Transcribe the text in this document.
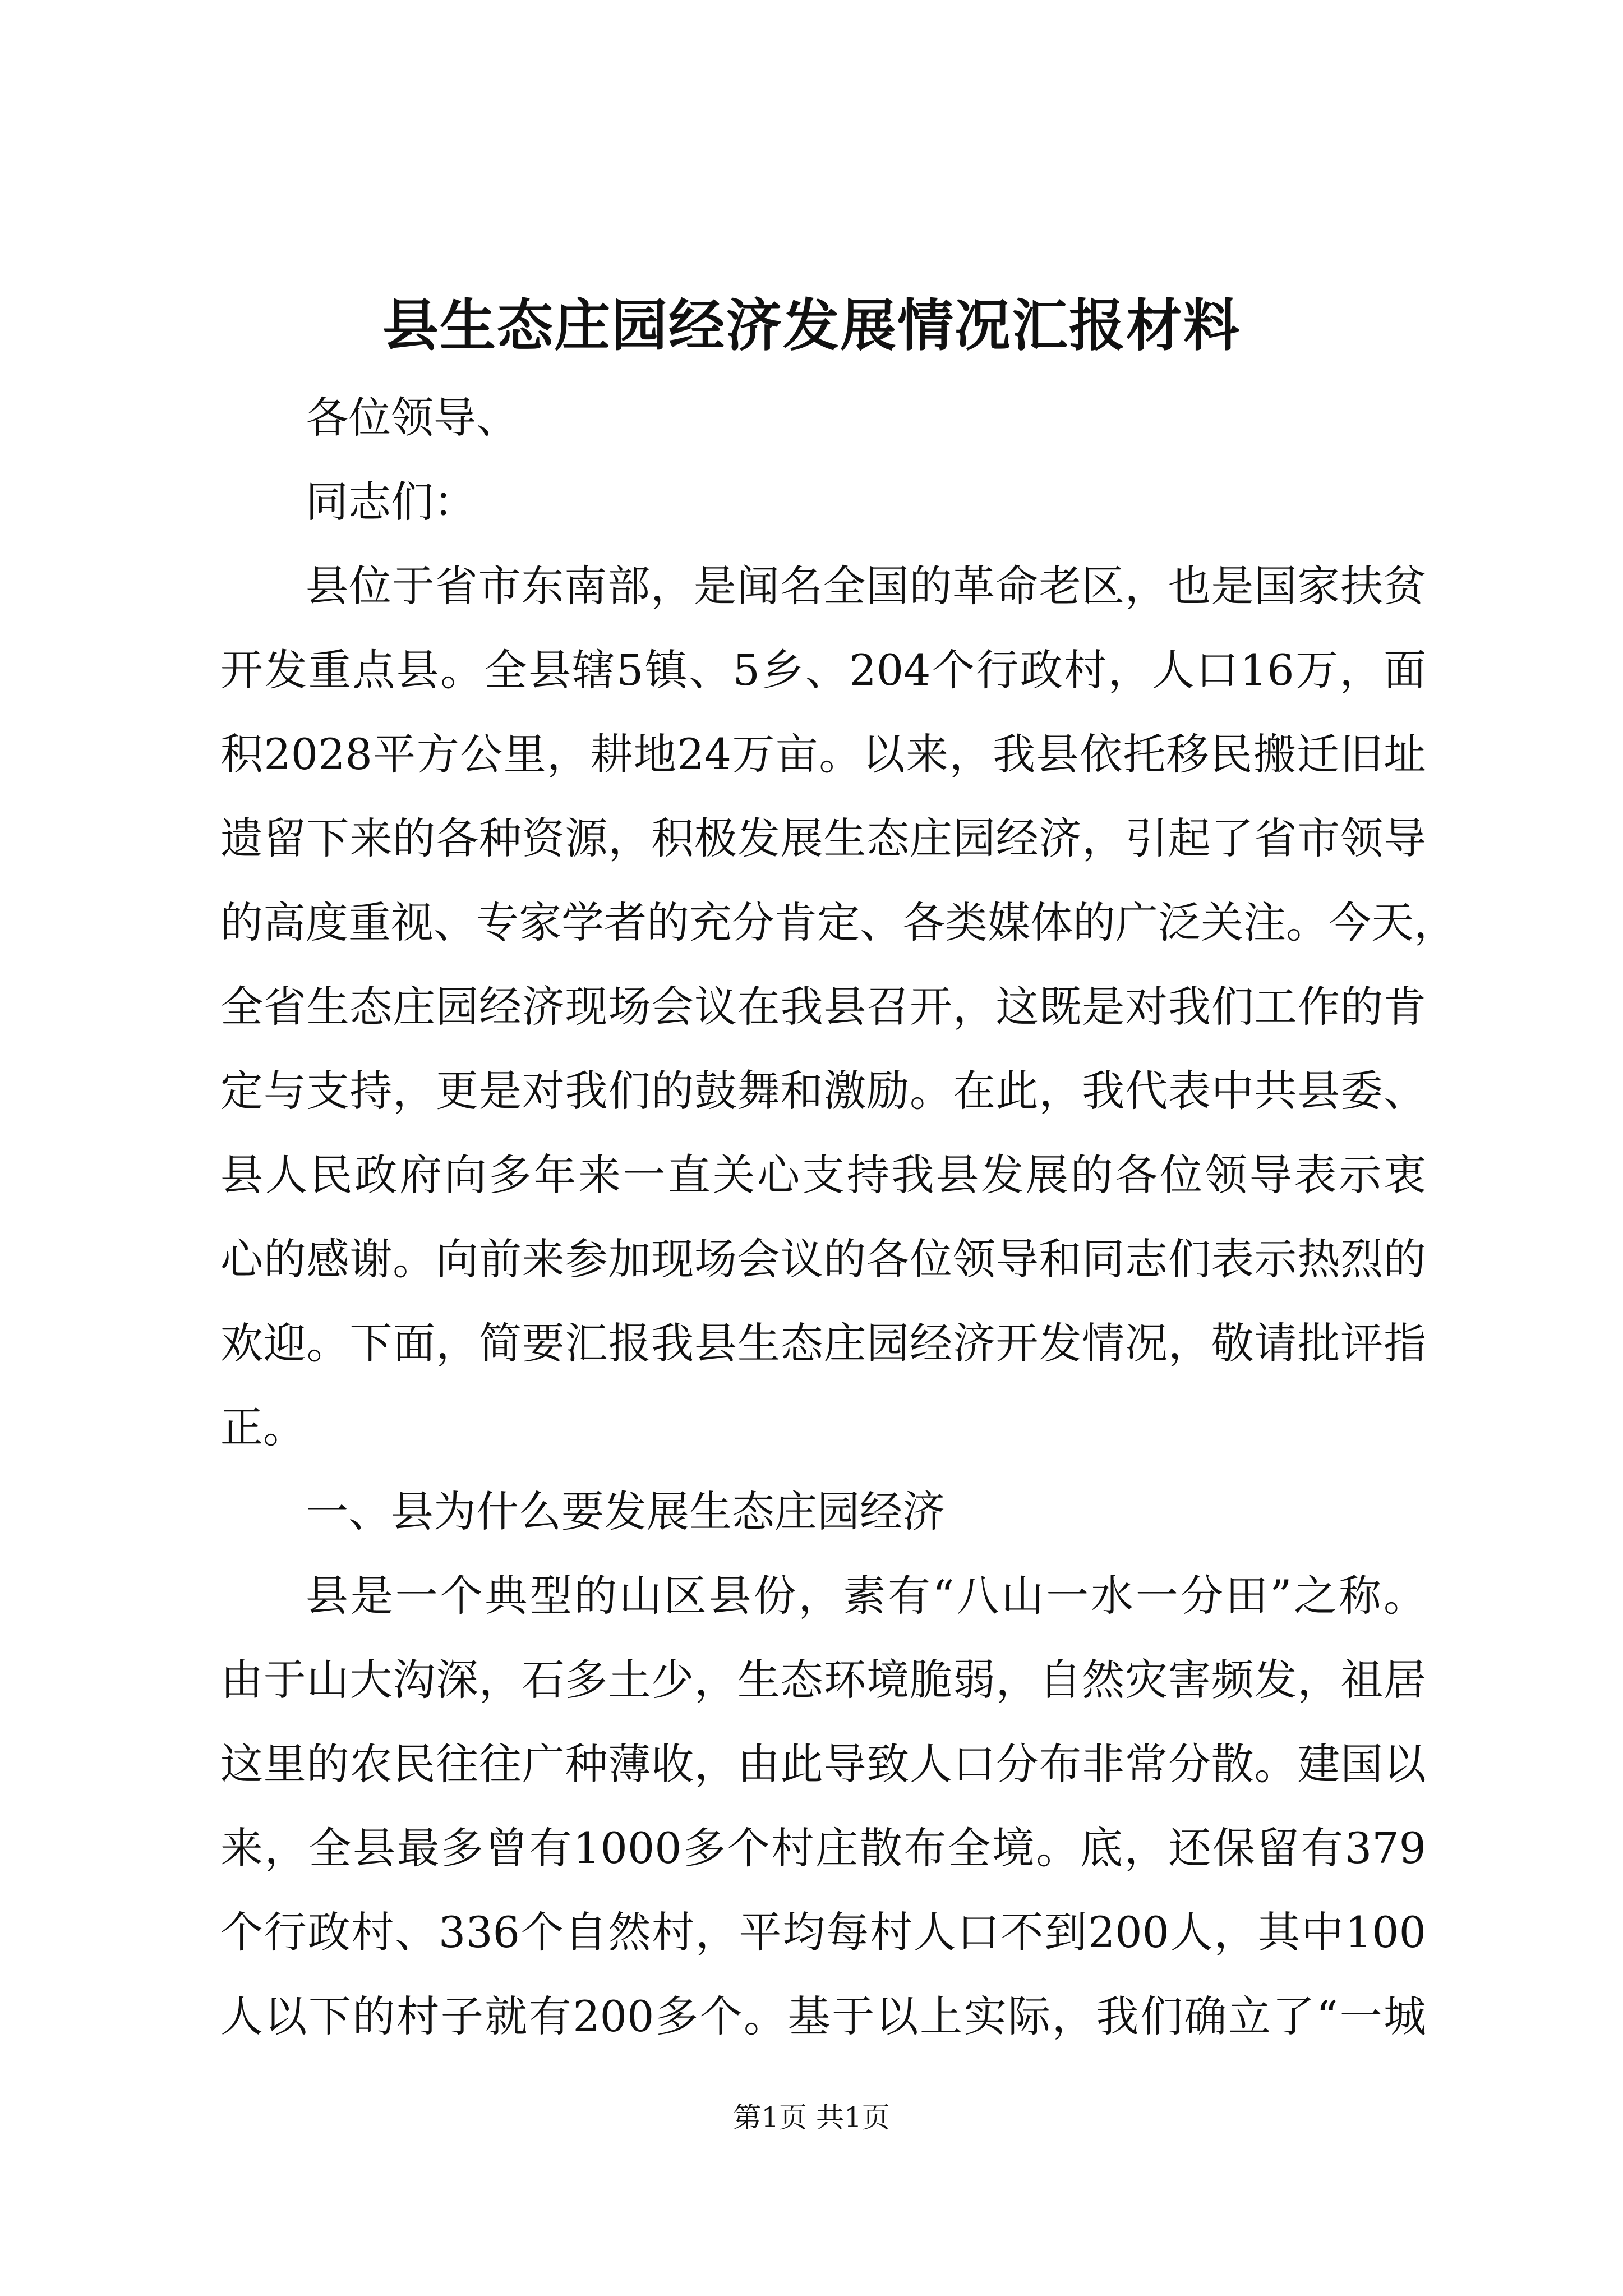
县生态庄园经济发展情况汇报材料
各位领导、
同志们：
县位于省市东南部，是闻名全国的革命老区，也是国家扶贫
开发重点县。全县辖5镇、5乡、204个行政村，人口16万，面
积2028平方公里，耕地24万亩。以来，我县依托移民搬迁旧址
遗留下来的各种资源，积极发展生态庄园经济，引起了省市领导
的高度重视、专家学者的充分肯定、各类媒体的广泛关注。今天，
全省生态庄园经济现场会议在我县召开，这既是对我们工作的肯
定与支持，更是对我们的鼓舞和激励。在此，我代表中共县委、
县人民政府向多年来一直关心支持我县发展的各位领导表示衷
心的感谢。向前来参加现场会议的各位领导和同志们表示热烈的
欢迎。下面，简要汇报我县生态庄园经济开发情况，敬请批评指
正。
一、县为什么要发展生态庄园经济
县是一个典型的山区县份，素有“八山一水一分田”之称。
由于山大沟深，石多土少，生态环境脆弱，自然灾害频发，祖居
这里的农民往往广种薄收，由此导致人口分布非常分散。建国以
来，全县最多曾有1000多个村庄散布全境。底，还保留有379
个行政村、336个自然村，平均每村人口不到200人，其中100
人以下的村子就有200多个。基于以上实际，我们确立了“一城
第1页 共1页
